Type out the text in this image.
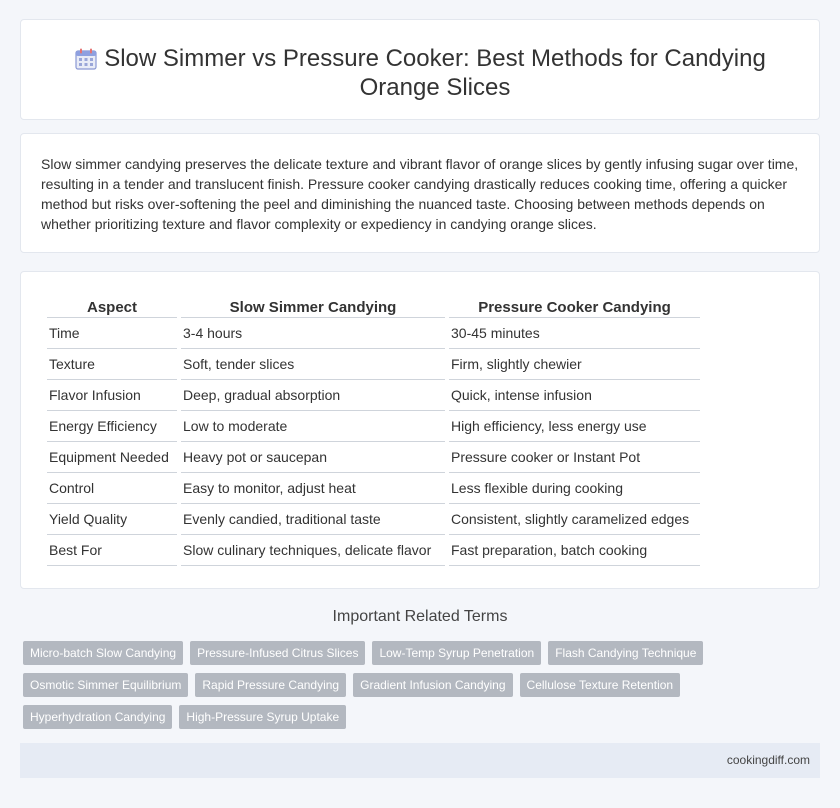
Slow Simmer vs Pressure Cooker: Best Methods for Candying Orange Slices

Slow simmer candying preserves the delicate texture and vibrant flavor of orange slices by gently infusing sugar over time, resulting in a tender and translucent finish. Pressure cooker candying drastically reduces cooking time, offering a quicker method but risks over-softening the peel and diminishing the nuanced taste. Choosing between methods depends on whether prioritizing texture and flavor complexity or expediency in candying orange slices.

Aspect	Slow Simmer Candying	Pressure Cooker Candying
Time	3-4 hours	30-45 minutes
Texture	Soft, tender slices	Firm, slightly chewier
Flavor Infusion	Deep, gradual absorption	Quick, intense infusion
Energy Efficiency	Low to moderate	High efficiency, less energy use
Equipment Needed	Heavy pot or saucepan	Pressure cooker or Instant Pot
Control	Easy to monitor, adjust heat	Less flexible during cooking
Yield Quality	Evenly candied, traditional taste	Consistent, slightly caramelized edges
Best For	Slow culinary techniques, delicate flavor	Fast preparation, batch cooking
Important Related Terms
Micro-batch Slow Candying	Pressure-Infused Citrus Slices	Low-Temp Syrup Penetration	Flash Candying Technique
Osmotic Simmer Equilibrium	Rapid Pressure Candying	Gradient Infusion Candying	Cellulose Texture Retention
Hyperhydration Candying	High-Pressure Syrup Uptake
cookingdiff.com
